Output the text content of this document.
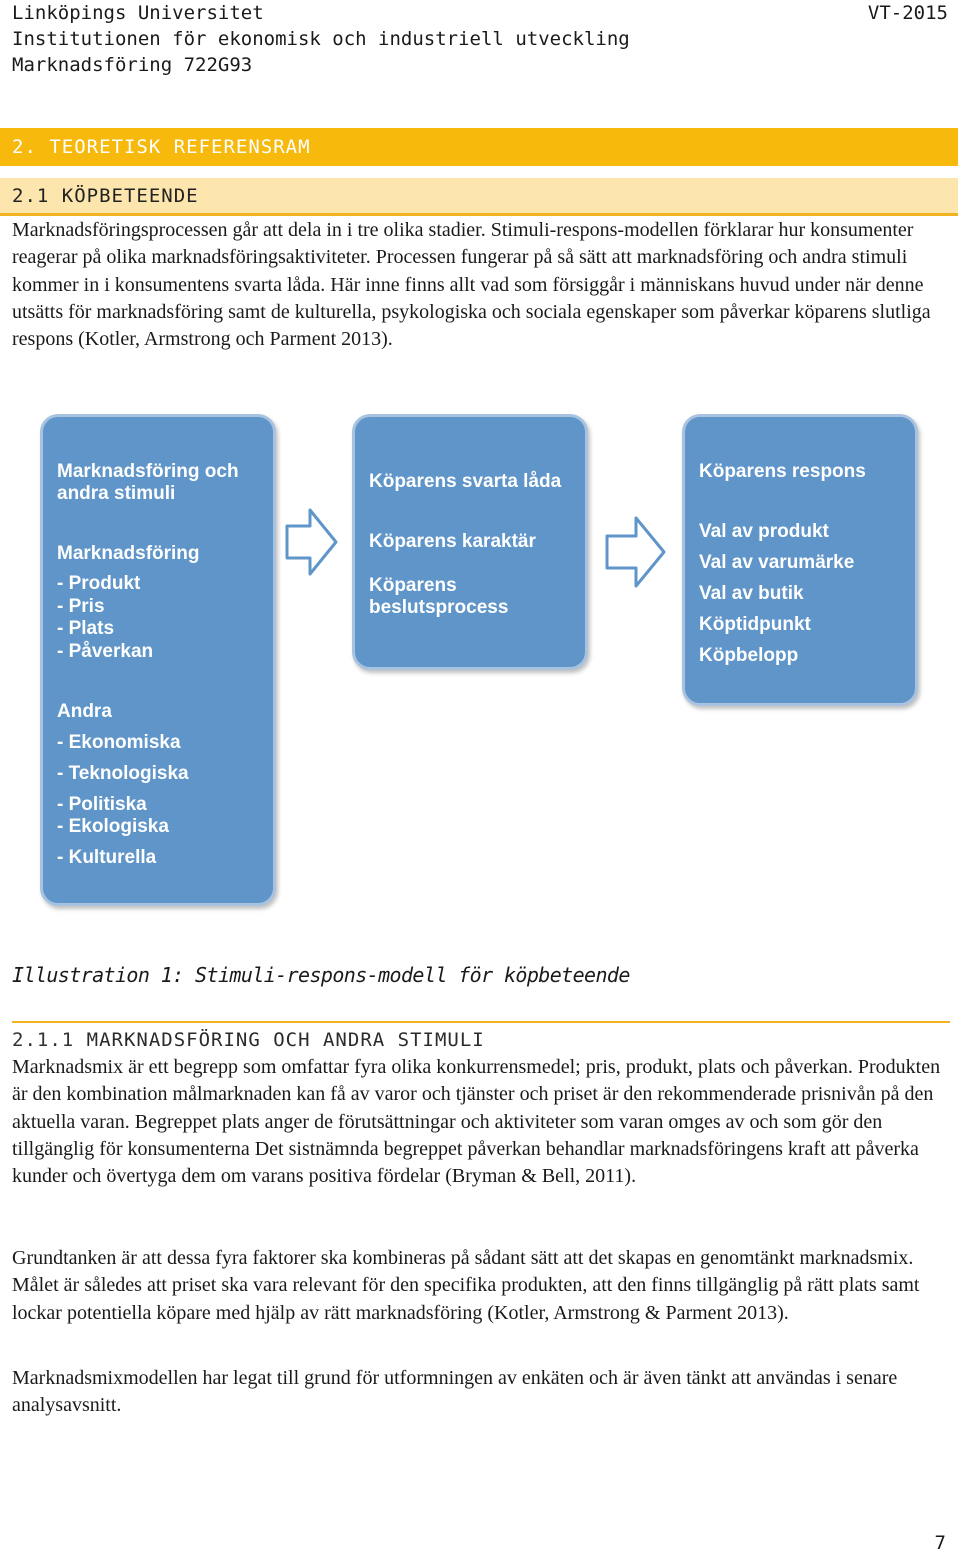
Linköpings Universitet
Institutionen för ekonomisk och industriell utveckling
Marknadsföring 722G93
VT-2015
2. TEORETISK REFERENSRAM
2.1 KÖPBETEENDE

Marknadsföringsprocessen går att dela in i tre olika stadier. Stimuli-respons-modellen förklarar hur konsumenter reagerar på olika marknadsföringsaktiviteter. Processen fungerar på så sätt att marknadsföring och andra stimuli kommer in i konsumentens svarta låda. Här inne finns allt vad som försiggår i människans huvud under när denne utsätts för marknadsföring samt de kulturella, psykologiska och sociala egenskaper som påverkar köparens slutliga respons (Kotler, Armstrong och Parment 2013).

Marknadsföring och
andra stimuli
Marknadsföring
- Produkt
- Pris
- Plats
- Påverkan
Andra
- Ekonomiska
- Teknologiska
- Politiska
- Ekologiska
- Kulturella
Köparens svarta låda
Köparens karaktär
Köparens
beslutsprocess
Köparens respons
Val av produkt
Val av varumärke
Val av butik
Köptidpunkt
Köpbelopp
Illustration 1: Stimuli-respons-modell för köpbeteende
2.1.1 MARKNADSFÖRING OCH ANDRA STIMULI

Marknadsmix är ett begrepp som omfattar fyra olika konkurrensmedel; pris, produkt, plats och påverkan. Produkten är den kombination målmarknaden kan få av varor och tjänster och priset är den rekommenderade prisnivån på den aktuella varan. Begreppet plats anger de förutsättningar och aktiviteter som varan omges av och som gör den tillgänglig för konsumenterna Det sistnämnda begreppet påverkan behandlar marknadsföringens kraft att påverka kunder och övertyga dem om varans positiva fördelar (Bryman & Bell, 2011).

Grundtanken är att dessa fyra faktorer ska kombineras på sådant sätt att det skapas en genomtänkt marknadsmix. Målet är således att priset ska vara relevant för den specifika produkten, att den finns tillgänglig på rätt plats samt lockar potentiella köpare med hjälp av rätt marknadsföring (Kotler, Armstrong & Parment 2013).

Marknadsmixmodellen har legat till grund för utformningen av enkäten och är även tänkt att användas i senare analysavsnitt.

7
